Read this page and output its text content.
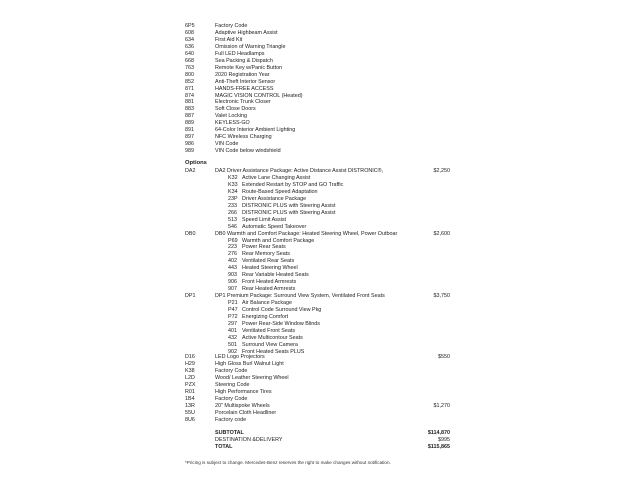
6P5	Factory Code
608	Adaptive Highbeam Assist
634	First Aid Kit
636	Omission of Warning Triangle
640	Full LED Headlamps
668	Sea Packing & Dispatch
763	Remote Key w/Panic Button
800	2020 Registration Year
852	Anti-Theft Interior Sensor
871	HANDS-FREE ACCESS
874	MAGIC VISION CONTROL (Heated)
881	Electronic Trunk Closer
883	Soft Close Doors
887	Valet Locking
889	KEYLESS-GO
891	64-Color Interior Ambient Lighting
897	NFC Wireless Charging
986	VIN Code
989	VIN Code below windshield
Options
DA2	DA2 Driver Assistance Package: Active Distance Assist DISTRONIC®,	$2,250
K32 Active Lane Changing Assist
K33 Extended Restart by STOP and GO Traffic
K34 Route-Based Speed Adaptation
23P Driver Assistance Package
233 DISTRONIC PLUS with Steering Assist
266 DISTRONIC PLUS with Steering Assist
513 Speed Limit Assist
546 Automatic Speed Takeover
DB0	DB0 Warmth and Comfort Package: Heated Steering Wheel, Power Outboar	$2,600
P69 Warmth and Comfort Package
223 Power Rear Seats
276 Rear Memory Seats
402 Ventilated Rear Seats
443 Heated Steering Wheel
903 Rear Variable Heated Seats
906 Front Heated Armrests
907 Rear Heated Armrests
DP1	DP1 Premium Package: Surround View System, Ventilated Front Seats	$3,750
P21 Air Balance Package
P47 Control Code Surround View Pkg
P72 Energizing Comfort
297 Power Rear-Side Window Blinds
401 Ventilated Front Seats
432 Active Multicontour Seats
501 Surround View Camera
902 Front Heated Seats PLUS
D16	LED Logo Projectors	$550
H29	High Gloss Burl Walnut Light
K38	Factory Code
L2D	Wood/ Leather Steering Wheel
PZX	Steering Code
R01	High Performance Tires
1B4	Factory Code
13R	20" Multispoke Wheels	$1,270
55U	Porcelain Cloth Headliner
8U6	Factory code
SUBTOTAL	$114,870
DESTINATION &DELIVERY	$995
TOTAL	$115,865
*Pricing is subject to change. Mercedes-Benz reserves the right to make changes without notification.
